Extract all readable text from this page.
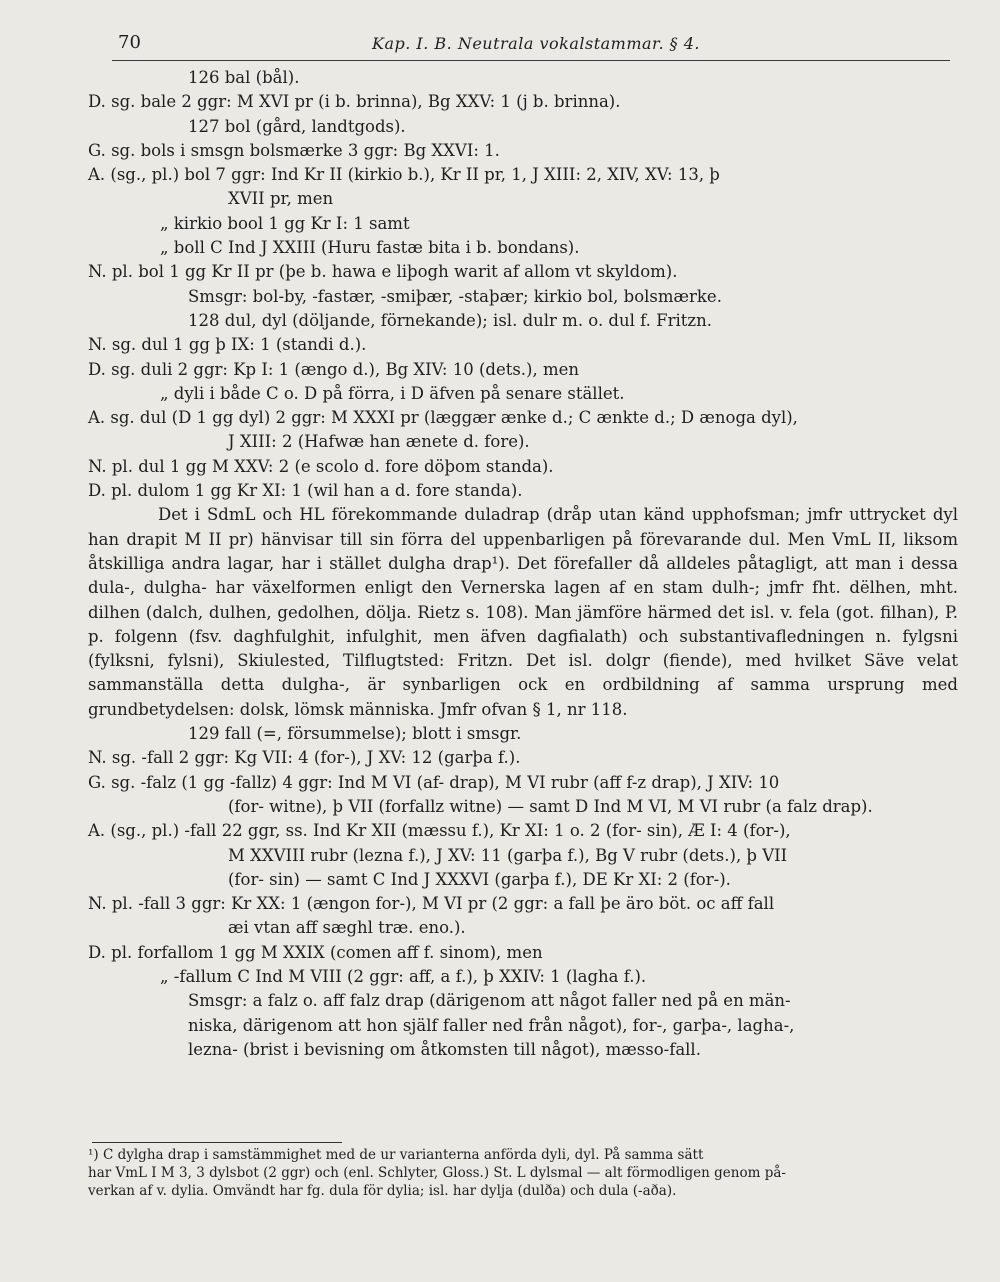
70	Kap. I. B. Neutrala vokalstammar. § 4.
126 bal (bål).
D. sg. bale 2 ggr: M XVI pr (i b. brinna), Bg XXV: 1 (j b. brinna).
127 bol (gård, landtgods).
G. sg. bols i smsgn bolsmærke 3 ggr: Bg XXVI: 1.
A. (sg., pl.) bol 7 ggr: Ind Kr II (kirkio b.), Kr II pr, 1, J XIII: 2, XIV, XV: 13, þ
XVII pr, men
„ kirkio bool 1 gg Kr I: 1 samt
„ boll C Ind J XXIII (Huru fastæ bita i b. bondans).
N. pl. bol 1 gg Kr II pr (þe b. hawa e liþogh warit af allom vt skyldom).
Smsgr: bol-by, -fastær, -smiþær, -staþær; kirkio bol, bolsmærke.
128 dul, dyl (döljande, förnekande); isl. dulr m. o. dul f. Fritzn.
N. sg. dul 1 gg þ IX: 1 (standi d.).
D. sg. duli 2 ggr: Kp I: 1 (ængo d.), Bg XIV: 10 (dets.), men
„ dyli i både C o. D på förra, i D äfven på senare stället.
A. sg. dul (D 1 gg dyl) 2 ggr: M XXXI pr (læggær ænke d.; C ænkte d.; D ænoga dyl),
J XIII: 2 (Hafwæ han ænete d. fore).
N. pl. dul 1 gg M XXV: 2 (e scolo d. fore döþom standa).
D. pl. dulom 1 gg Kr XI: 1 (wil han a d. fore standa).
Det i SdmL och HL förekommande duladrap (dråp utan känd upphofsman; jmfr uttrycket dyl han drapit M II pr) hänvisar till sin förra del uppenbarligen på förevarande dul. Men VmL II, liksom åtskilliga andra lagar, har i stället dulgha drap¹). Det förefaller då alldeles påtagligt, att man i dessa dula-, dulgha- har växelformen enligt den Vernerska lagen af en stam dulh-; jmfr fht. dëlhen, mht. dilhen (dalch, dulhen, gedolhen, dölja. Rietz s. 108). Man jämföre härmed det isl. v. fela (got. filhan), P. p. folgenn (fsv. daghfulghit, infulghit, men äfven dagfialath) och substantivafledningen n. fylgsni (fylksni, fylsni), Skiulested, Tilflugtsted: Fritzn. Det isl. dolgr (fiende), med hvilket Säve velat sammanställa detta dulgha-, är synbarligen ock en ordbildning af samma ursprung med grundbetydelsen: dolsk, lömsk människa. Jmfr ofvan § 1, nr 118.
129 fall (=, försummelse); blott i smsgr.
N. sg. -fall 2 ggr: Kg VII: 4 (for-), J XV: 12 (garþa f.).
G. sg. -falz (1 gg -fallz) 4 ggr: Ind M VI (af- drap), M VI rubr (aff f-z drap), J XIV: 10
(for- witne), þ VII (forfallz witne) — samt D Ind M VI, M VI rubr (a falz drap).
A. (sg., pl.) -fall 22 ggr, ss. Ind Kr XII (mæssu f.), Kr XI: 1 o. 2 (for- sin), Æ I: 4 (for-),
M XXVIII rubr (lezna f.), J XV: 11 (garþa f.), Bg V rubr (dets.), þ VII
(for- sin) — samt C Ind J XXXVI (garþa f.), DE Kr XI: 2 (for-).
N. pl. -fall 3 ggr: Kr XX: 1 (ængon for-), M VI pr (2 ggr: a fall þe äro böt. oc aff fall
æi vtan aff sæghl træ. eno.).
D. pl. forfallom 1 gg M XXIX (comen aff f. sinom), men
„ -fallum C Ind M VIII (2 ggr: aff, a f.), þ XXIV: 1 (lagha f.).
Smsgr: a falz o. aff falz drap (därigenom att något faller ned på en män-
niska, därigenom att hon själf faller ned från något), for-, garþa-, lagha-,
lezna- (brist i bevisning om åtkomsten till något), mæsso-fall.
¹) C dylgha drap i samstämmighet med de ur varianterna anförda dyli, dyl. På samma sätt
har VmL I M 3, 3 dylsbot (2 ggr) och (enl. Schlyter, Gloss.) St. L dylsmal — alt förmodligen genom på-
verkan af v. dylia. Omvändt har fg. dula för dylia; isl. har dylja (dulða) och dula (-aða).
